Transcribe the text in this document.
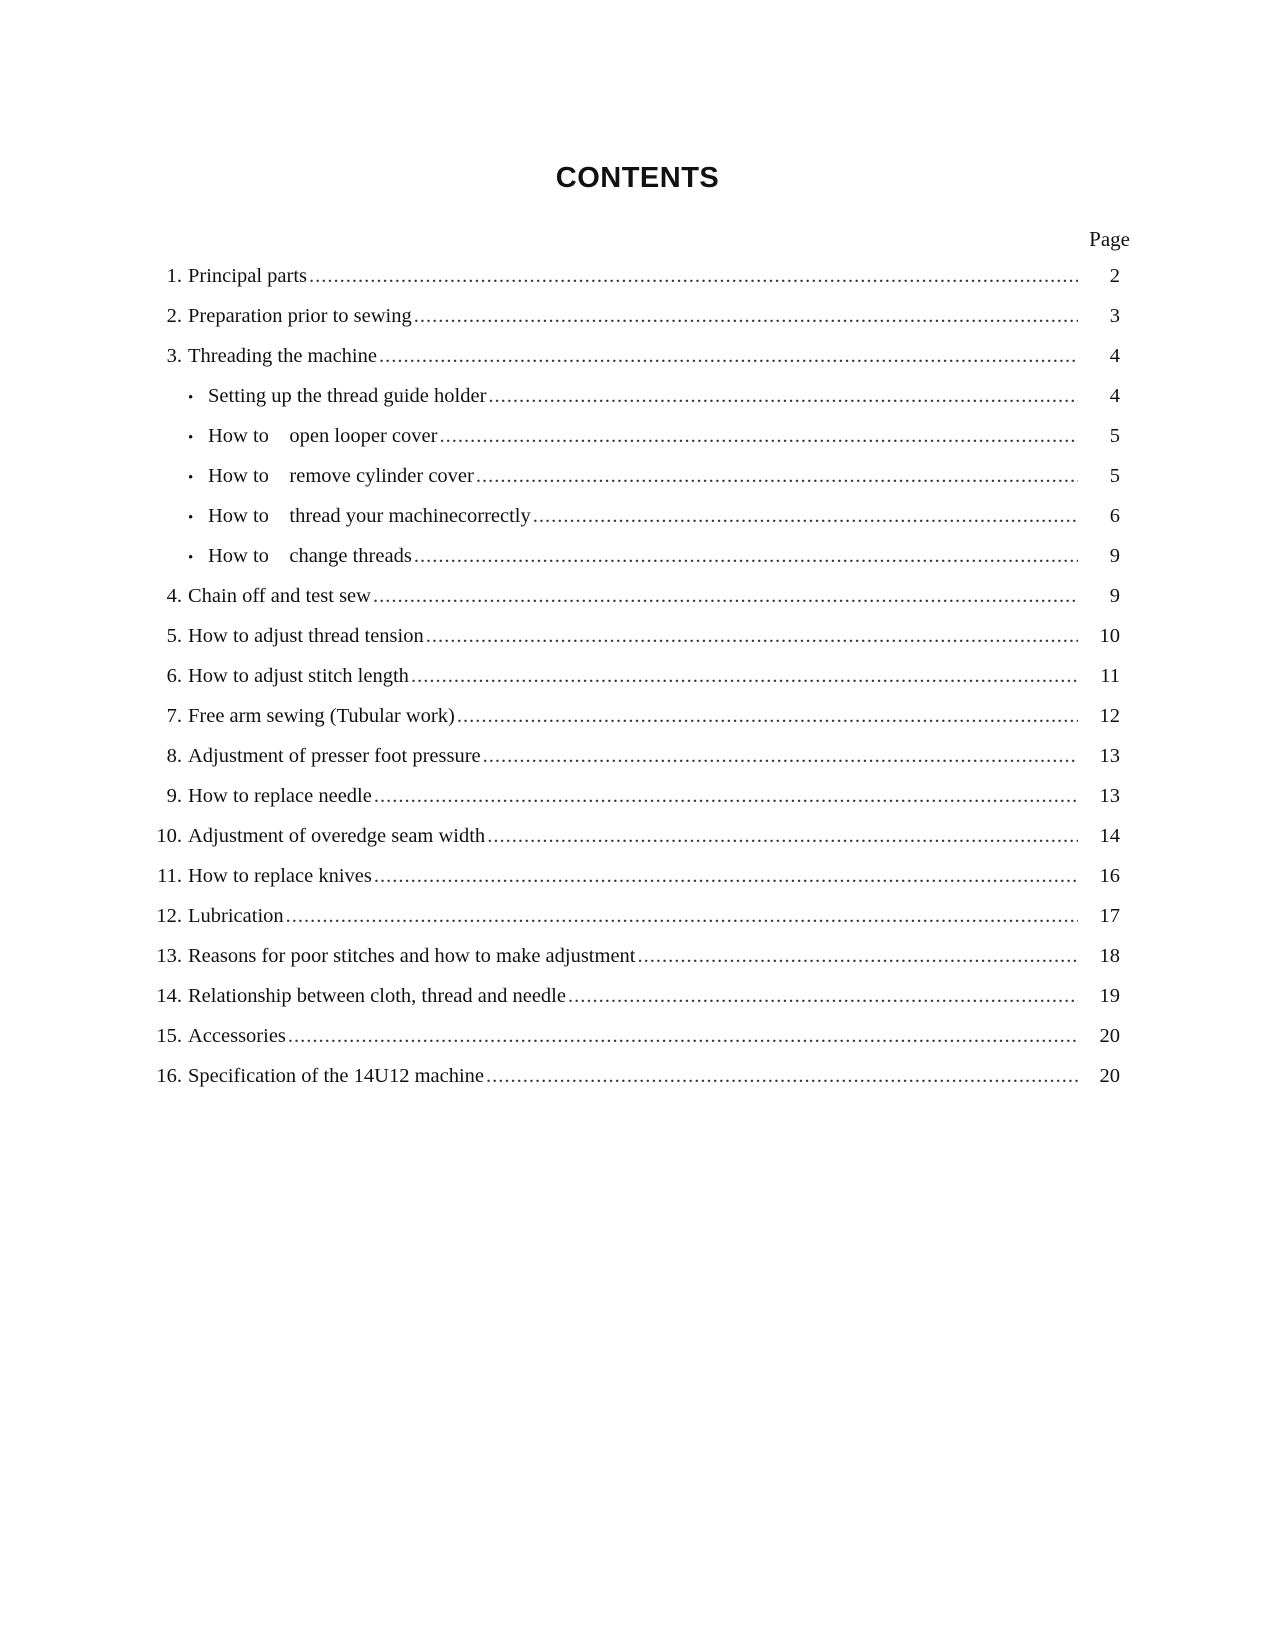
CONTENTS
Page
1. Principal parts .....	2
2. Preparation prior to sewing .....	3
3. Threading the machine .....	4
• Setting up the thread guide holder .....	4
• How to    open looper cover .....	5
• How to    remove cylinder cover .....	5
• How to    thread your machinecorrectly .....	6
• How to    change threads .....	9
4. Chain off and test sew .....	9
5. How to adjust thread tension .....	10
6. How to adjust stitch length .....	11
7. Free arm sewing (Tubular work) .....	12
8. Adjustment of presser foot pressure .....	13
9. How to replace needle .....	13
10. Adjustment of overedge seam width .....	14
11. How to replace knives .....	16
12. Lubrication .....	17
13. Reasons for poor stitches and how to make adjustment .....	18
14. Relationship between cloth, thread and needle .....	19
15. Accessories .....	20
16. Specification of the 14U12 machine .....	20
